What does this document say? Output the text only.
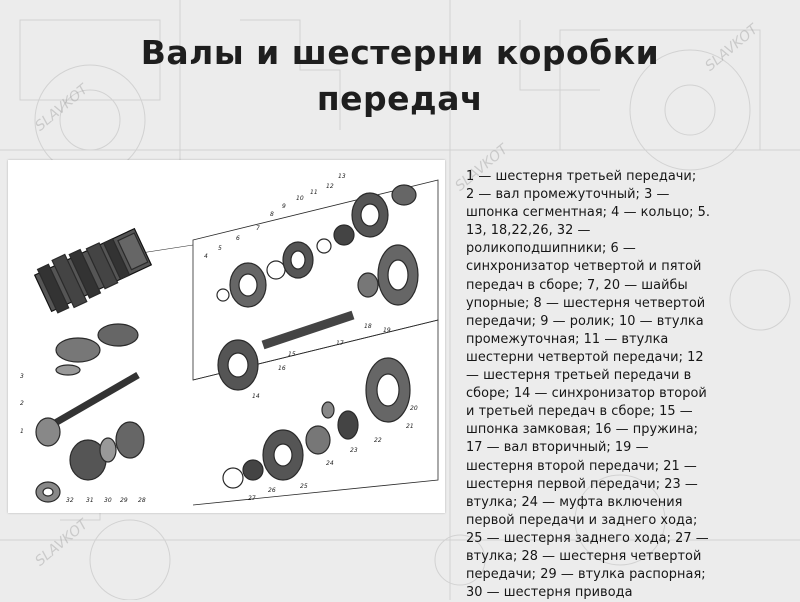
SLAVKOT
SLAVKOT
SLAVKOT
SLAVKOT
Валы и шестерни коробки
передач
13
12
11
10
9
8
7
6
5
4
14
15
16
17
18
19
20
21
22
23
24
25
26
27
1
2
3
32 31 30 29 28
1 — шестерня третьей передачи;
2 — вал промежуточный; 3 —
шпонка сегментная; 4 — кольцо; 5.
13, 18,22,26, 32 —
роликоподшипники; 6 —
синхронизатор четвертой и пятой
передач в сборе; 7, 20 — шайбы
упорные; 8 — шестерня четвертой
передачи; 9 — ролик; 10 — втулка
промежуточная; 11 — втулка
шестерни четвертой передачи; 12
— шестерня третьей передачи в
сборе; 14 — синхронизатор второй
и третьей передач в сборе; 15 —
шпонка замковая; 16 — пружина;
17 — вал вторичный; 19 —
шестерня второй передачи; 21 —
шестерня первой передачи; 23 —
втулка; 24 — муфта включения
первой передачи и заднего хода;
25 — шестерня заднего хода; 27 —
втулка; 28 — шестерня четвертой
передачи; 29 — втулка распорная;
30 — шестерня привода
